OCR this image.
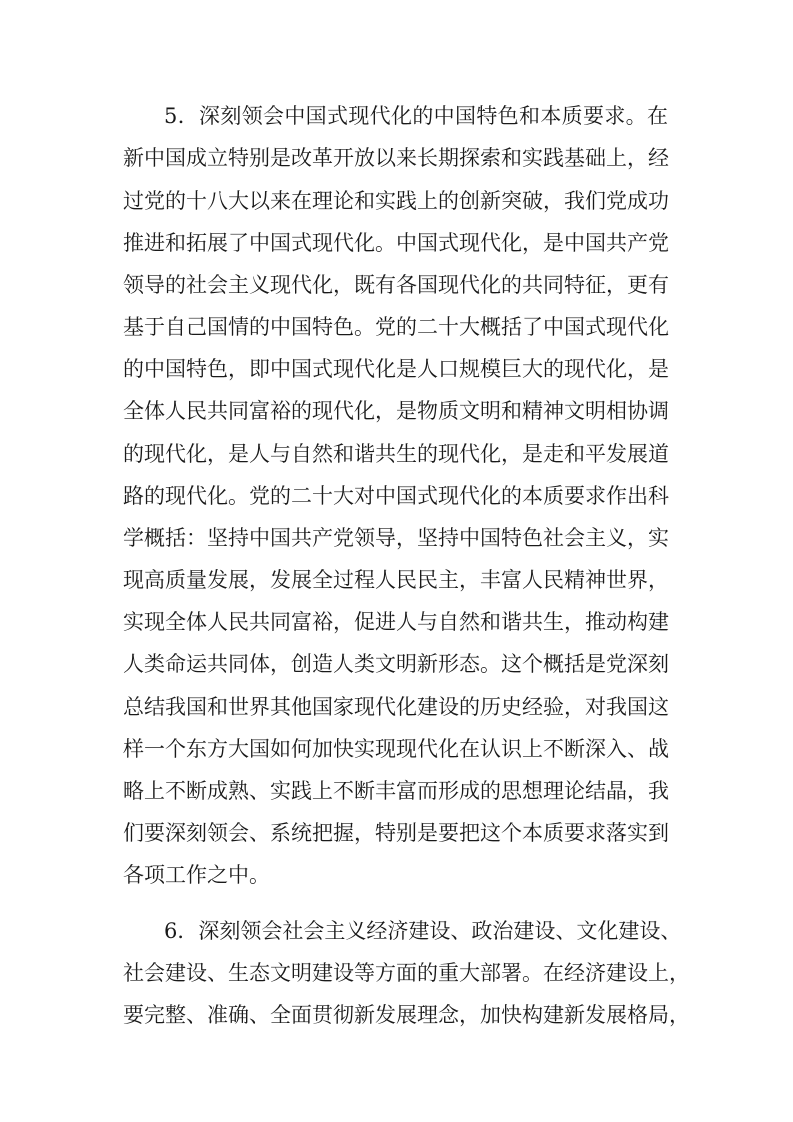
5．深刻领会中国式现代化的中国特色和本质要求。在
新中国成立特别是改革开放以来长期探索和实践基础上，经
过党的十八大以来在理论和实践上的创新突破，我们党成功
推进和拓展了中国式现代化。中国式现代化，是中国共产党
领导的社会主义现代化，既有各国现代化的共同特征，更有
基于自己国情的中国特色。党的二十大概括了中国式现代化
的中国特色，即中国式现代化是人口规模巨大的现代化，是
全体人民共同富裕的现代化，是物质文明和精神文明相协调
的现代化，是人与自然和谐共生的现代化，是走和平发展道
路的现代化。党的二十大对中国式现代化的本质要求作出科
学概括：坚持中国共产党领导，坚持中国特色社会主义，实
现高质量发展，发展全过程人民民主，丰富人民精神世界，
实现全体人民共同富裕，促进人与自然和谐共生，推动构建
人类命运共同体，创造人类文明新形态。这个概括是党深刻
总结我国和世界其他国家现代化建设的历史经验，对我国这
样一个东方大国如何加快实现现代化在认识上不断深入、战
略上不断成熟、实践上不断丰富而形成的思想理论结晶，我
们要深刻领会、系统把握，特别是要把这个本质要求落实到
各项工作之中。
6．深刻领会社会主义经济建设、政治建设、文化建设、
社会建设、生态文明建设等方面的重大部署。在经济建设上，
要完整、准确、全面贯彻新发展理念，加快构建新发展格局，
